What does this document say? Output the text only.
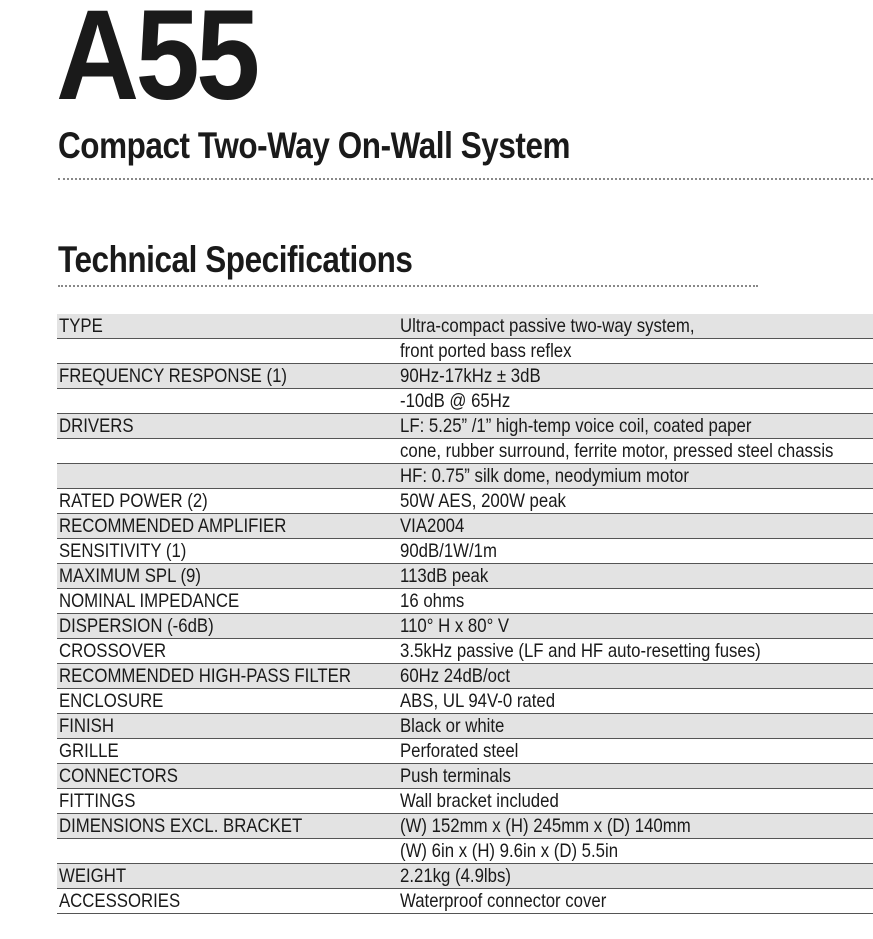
A55
Compact Two-Way On-Wall System
Technical Specifications
TYPE	Ultra-compact passive two-way system,
	front ported bass reflex
FREQUENCY RESPONSE (1)	90Hz-17kHz ± 3dB
	-10dB @ 65Hz
DRIVERS	LF: 5.25” /1” high-temp voice coil, coated paper
	cone, rubber surround, ferrite motor, pressed steel chassis
	HF: 0.75” silk dome, neodymium motor
RATED POWER (2)	50W AES, 200W peak
RECOMMENDED AMPLIFIER	VIA2004
SENSITIVITY (1)	90dB/1W/1m
MAXIMUM SPL (9)	113dB peak
NOMINAL IMPEDANCE	16 ohms
DISPERSION (-6dB)	110° H x 80° V
CROSSOVER	3.5kHz passive (LF and HF auto-resetting fuses)
RECOMMENDED HIGH-PASS FILTER	60Hz 24dB/oct
ENCLOSURE	ABS, UL 94V-0 rated
FINISH	Black or white
GRILLE	Perforated steel
CONNECTORS	Push terminals
FITTINGS	Wall bracket included
DIMENSIONS EXCL. BRACKET	(W) 152mm x (H) 245mm x (D) 140mm
	(W) 6in x (H) 9.6in x (D) 5.5in
WEIGHT	2.21kg (4.9lbs)
ACCESSORIES	Waterproof connector cover
